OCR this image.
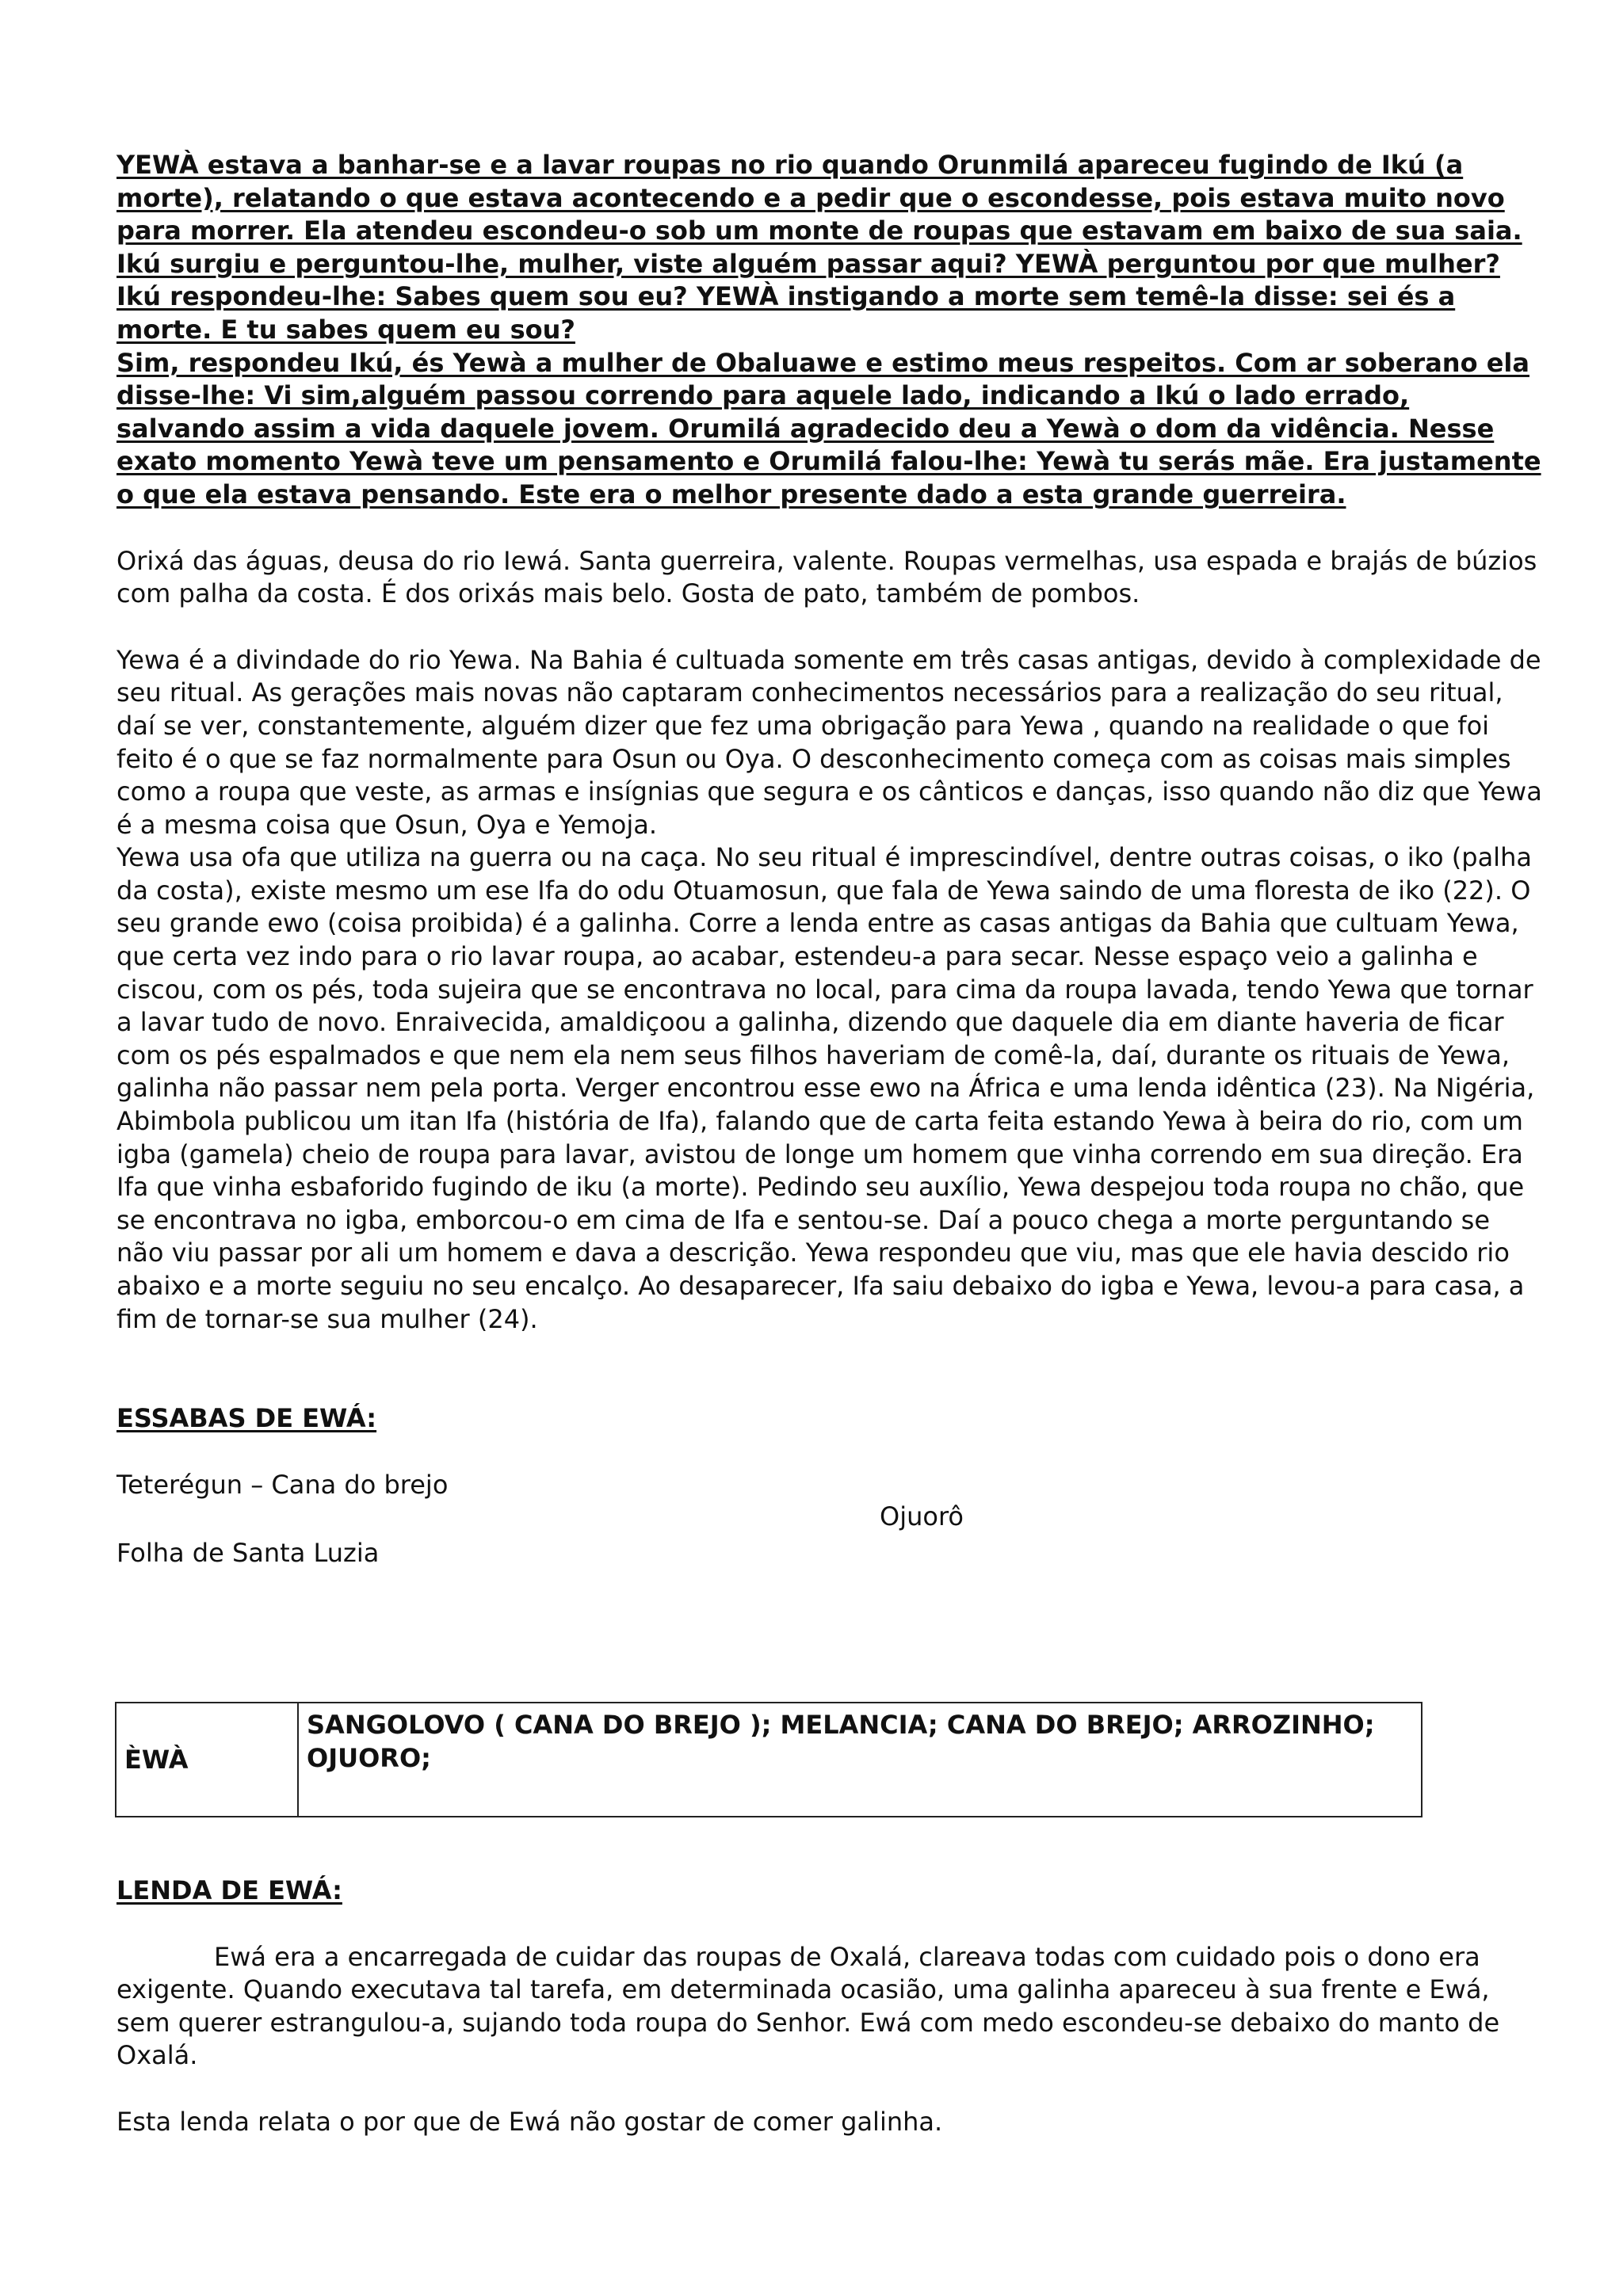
YEWÀ estava a banhar-se e a lavar roupas no rio quando Orunmilá apareceu fugindo de Ikú (a morte), relatando o que estava acontecendo e a pedir que o escondesse, pois estava muito novo para morrer. Ela atendeu escondeu-o sob um monte de roupas que estavam em baixo de sua saia. Ikú surgiu e perguntou-lhe, mulher, viste alguém passar aqui? YEWÀ perguntou por que mulher?

Ikú respondeu-lhe: Sabes quem sou eu? YEWÀ instigando a morte sem temê-la disse: sei és a morte. E tu sabes quem eu sou?

Sim, respondeu Ikú, és Yewà a mulher de Obaluawe e estimo meus respeitos. Com ar soberano ela disse-lhe: Vi sim,alguém passou correndo para aquele lado, indicando a Ikú o lado errado, salvando assim a vida daquele jovem. Orumilá agradecido deu a Yewà o dom da vidência. Nesse exato momento Yewà teve um pensamento e Orumilá falou-lhe: Yewà tu serás mãe. Era justamente o que ela estava pensando. Este era o melhor presente dado a esta grande guerreira.

Orixá das águas, deusa do rio Iewá. Santa guerreira, valente. Roupas vermelhas, usa espada e brajás de búzios com palha da costa. É dos orixás mais belo. Gosta de pato, também de pombos.

Yewa é a divindade do rio Yewa. Na Bahia é cultuada somente em três casas antigas, devido à complexidade de seu ritual. As gerações mais novas não captaram conhecimentos necessários para a realização do seu ritual, daí se ver, constantemente, alguém dizer que fez uma obrigação para Yewa , quando na realidade o que foi feito é o que se faz normalmente para Osun ou Oya. O desconhecimento começa com as coisas mais simples como a roupa que veste, as armas e insígnias que segura e os cânticos e danças, isso quando não diz que Yewa é a mesma coisa que Osun, Oya e Yemoja.

Yewa usa ofa que utiliza na guerra ou na caça. No seu ritual é imprescindível, dentre outras coisas, o iko (palha da costa), existe mesmo um ese Ifa do odu Otuamosun, que fala de Yewa saindo de uma floresta de iko (22). O seu grande ewo (coisa proibida) é a galinha. Corre a lenda entre as casas antigas da Bahia que cultuam Yewa, que certa vez indo para o rio lavar roupa, ao acabar, estendeu-a para secar. Nesse espaço veio a galinha e ciscou, com os pés, toda sujeira que se encontrava no local, para cima da roupa lavada, tendo Yewa que tornar a lavar tudo de novo. Enraivecida, amaldiçoou a galinha, dizendo que daquele dia em diante haveria de ficar com os pés espalmados e que nem ela nem seus filhos haveriam de comê-la, daí, durante os rituais de Yewa, galinha não passar nem pela porta. Verger encontrou esse ewo na África e uma lenda idêntica (23). Na Nigéria, Abimbola publicou um itan Ifa (história de Ifa), falando que de carta feita estando Yewa à beira do rio, com um igba (gamela) cheio de roupa para lavar, avistou de longe um homem que vinha correndo em sua direção. Era Ifa que vinha esbaforido fugindo de iku (a morte). Pedindo seu auxílio, Yewa despejou toda roupa no chão, que se encontrava no igba, emborcou-o em cima de Ifa e sentou-se. Daí a pouco chega a morte perguntando se não viu passar por ali um homem e dava a descrição. Yewa respondeu que viu, mas que ele havia descido rio abaixo e a morte seguiu no seu encalço. Ao desaparecer, Ifa saiu debaixo do igba e Yewa, levou-a para casa, a fim de tornar-se sua mulher (24).

ESSABAS DE EWÁ:

Teterégun – Cana do brejo

Ojuorô

Folha de Santa Luzia

ÈWÀ	SANGOLOVO ( CANA DO BREJO ); MELANCIA; CANA DO BREJO; ARROZINHO; OJUORO;

LENDA DE EWÁ:

Ewá era a encarregada de cuidar das roupas de Oxalá, clareava todas com cuidado pois o dono era exigente. Quando executava tal tarefa, em determinada ocasião, uma galinha apareceu à sua frente e Ewá, sem querer estrangulou-a, sujando toda roupa do Senhor. Ewá com medo escondeu-se debaixo do manto de Oxalá.

Esta lenda relata o por que de Ewá não gostar de comer galinha.
